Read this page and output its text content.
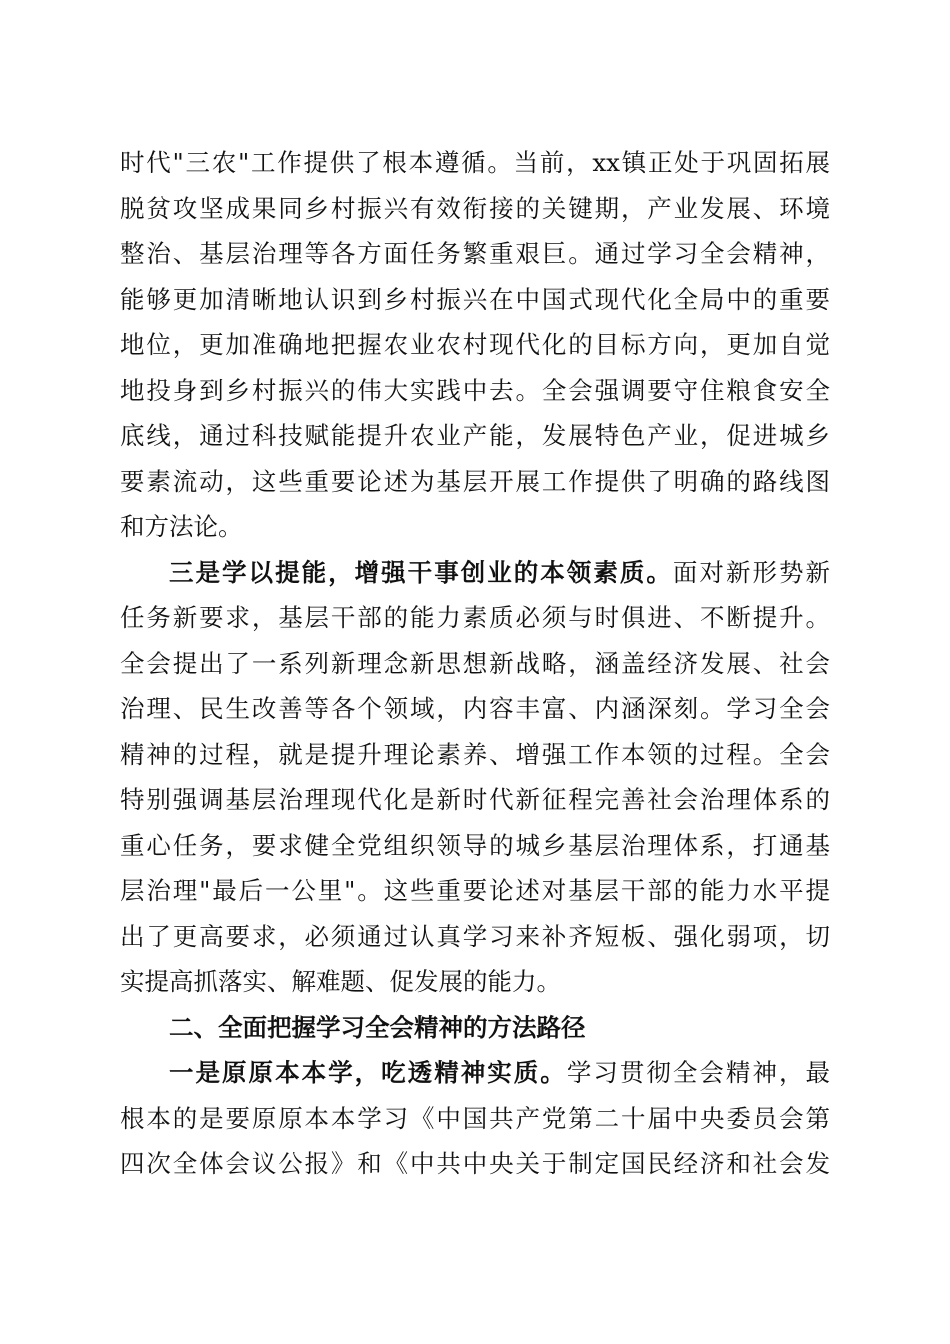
时代"三农"工作提供了根本遵循。当前，xx镇正处于巩固拓展
脱贫攻坚成果同乡村振兴有效衔接的关键期，产业发展、环境
整治、基层治理等各方面任务繁重艰巨。通过学习全会精神，
能够更加清晰地认识到乡村振兴在中国式现代化全局中的重要
地位，更加准确地把握农业农村现代化的目标方向，更加自觉
地投身到乡村振兴的伟大实践中去。全会强调要守住粮食安全
底线，通过科技赋能提升农业产能，发展特色产业，促进城乡
要素流动，这些重要论述为基层开展工作提供了明确的路线图
和方法论。
三是学以提能，增强干事创业的本领素质。面对新形势新
任务新要求，基层干部的能力素质必须与时俱进、不断提升。
全会提出了一系列新理念新思想新战略，涵盖经济发展、社会
治理、民生改善等各个领域，内容丰富、内涵深刻。学习全会
精神的过程，就是提升理论素养、增强工作本领的过程。全会
特别强调基层治理现代化是新时代新征程完善社会治理体系的
重心任务，要求健全党组织领导的城乡基层治理体系，打通基
层治理"最后一公里"。这些重要论述对基层干部的能力水平提
出了更高要求，必须通过认真学习来补齐短板、强化弱项，切
实提高抓落实、解难题、促发展的能力。
二、全面把握学习全会精神的方法路径
一是原原本本学，吃透精神实质。学习贯彻全会精神，最
根本的是要原原本本学习《中国共产党第二十届中央委员会第
四次全体会议公报》和《中共中央关于制定国民经济和社会发
